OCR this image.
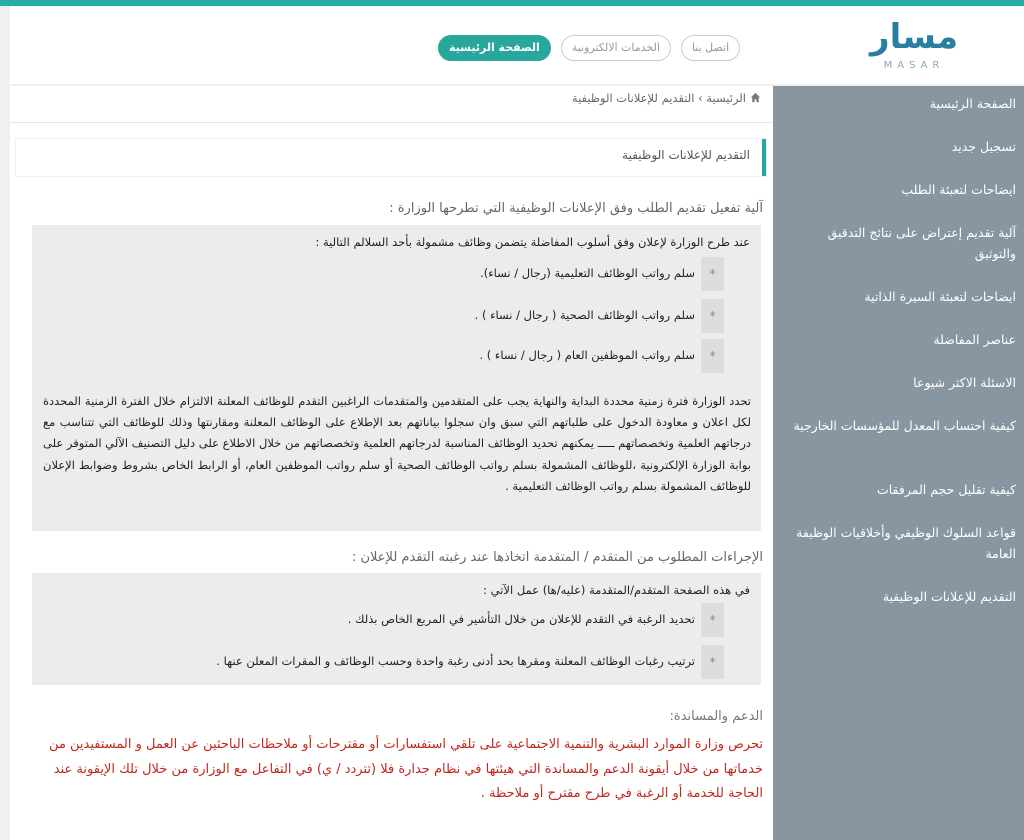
مسار
MASAR
الصفحة الرئيسية	الخدمات الالكترونية	اتصل بنا
الرئيسية › التقديم للإعلانات الوظيفية
التقديم للإعلانات الوظيفية
آلية تفعيل تقديم الطلب وفق الإعلانات الوظيفية التي تطرحها الوزارة :
عند طرح الوزارة لإعلان وفق أسلوب المفاضلة يتضمن وظائف مشمولة بأحد السلالم التالية :
*
سلم رواتب الوظائف التعليمية (رجال / نساء).
*
سلم رواتب الوظائف الصحية ( رجال / نساء ) .
*
سلم رواتب الموظفين العام ( رجال / نساء ) .
تحدد الوزارة فترة زمنية محددة البداية والنهاية يجب على المتقدمين والمتقدمات الراغبين التقدم للوظائف المعلنة الالتزام خلال الفترة الزمنية المحددة لكل اعلان و معاودة الدخول على طلباتهم التي سبق وان سجلوا بياناتهم بعد الإطلاع على الوظائف المعلنة ومقارنتها وذلك للوظائف التي تتناسب مع درجاتهم العلمية وتخصصاتهم ـــــ يمكنهم تحديد الوظائف المناسبة لدرجاتهم العلمية وتخصصاتهم من خلال الاطلاع على دليل التصنيف الآلي المتوفر على بوابة الوزارة الإلكترونية ،للوظائف المشمولة بسلم رواتب الوظائف الصحية أو سلم رواتب الموظفين العام، أو الرابط الخاص بشروط وضوابط الإعلان للوظائف المشمولة بسلم رواتب الوظائف التعليمية .
الإجراءات المطلوب من المتقدم / المتقدمة اتخاذها عند رغبته التقدم للإعلان :
في هذه الصفحة المتقدم/المتقدمة (عليه/ها) عمل الآتي :
*
تحديد الرغبة في التقدم للإعلان من خلال التأشير في المربع الخاص بذلك .
*
ترتيب رغبات الوظائف المعلنة ومقرها بحد أدنى رغبة واحدة وحسب الوظائف و المقرات المعلن عنها .
الدعم والمساندة:
تحرص وزارة الموارد البشرية والتنمية الاجتماعية على تلقي استفسارات أو مقترحات أو ملاحظات الباحثين عن العمل و المستفيدين من خدماتها من خلال أيقونة الدعم والمساندة التي هيئتها في نظام جدارة فلا (تتردد / ي) في التفاعل مع الوزارة من خلال تلك الإيقونة عند الحاجة للخدمة أو الرغبة في طرح مقترح أو ملاحظة .
الصفحة الرئيسية
تسجيل جديد
ايضاحات لتعبئة الطلب
آلية تقديم إعتراض على نتائج التدقيق والتوثيق
ايضاحات لتعبئة السيرة الذاتية
عناصر المفاضلة
الاسئلة الاكثر شيوعا
كيفية احتساب المعدل للمؤسسات الخارجية
كيفية تقليل حجم المرفقات
قواعد السلوك الوظيفي وأخلاقيات الوظيفة العامة
التقديم للإعلانات الوظيفية
